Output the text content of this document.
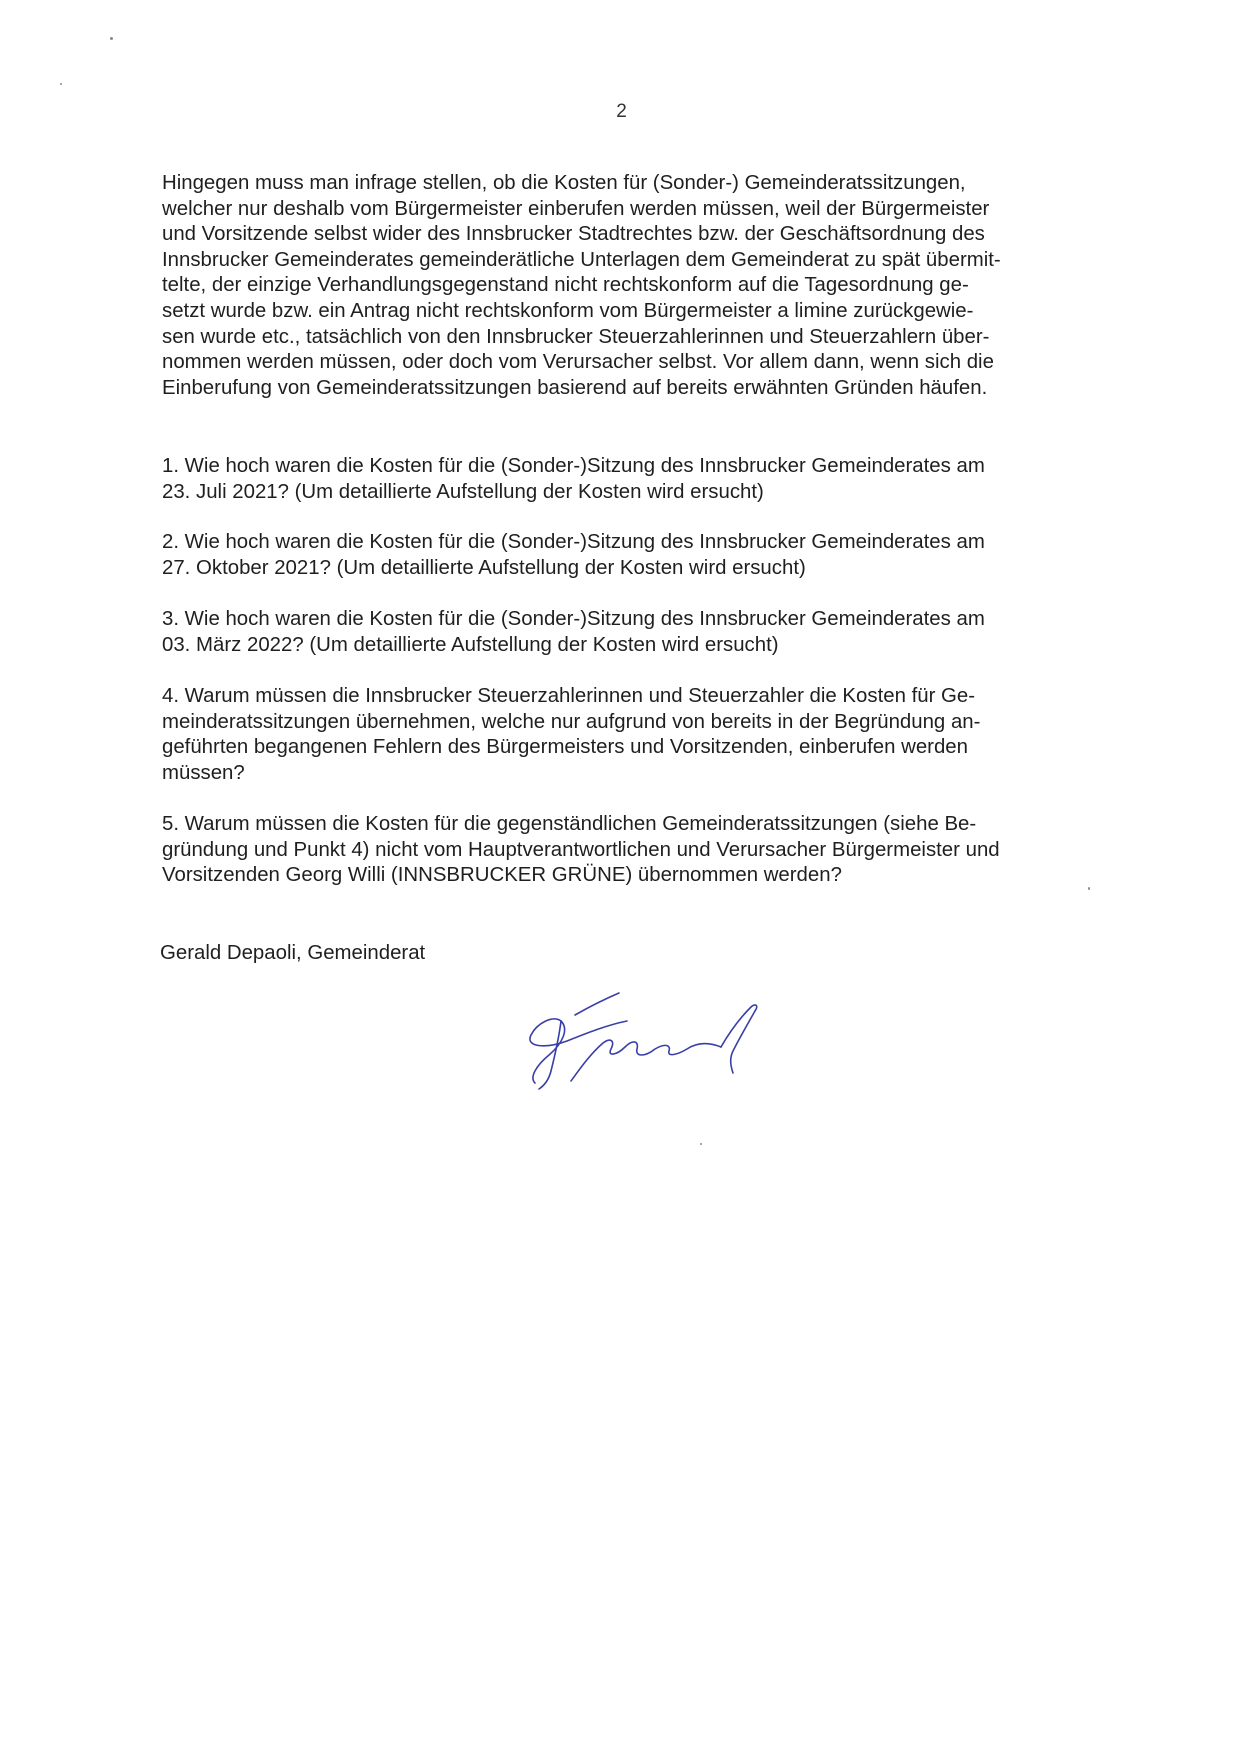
2
Hingegen muss man infrage stellen, ob die Kosten für (Sonder-) Gemeinderatssitzungen,
welcher nur deshalb vom Bürgermeister einberufen werden müssen, weil der Bürgermeister
und Vorsitzende selbst wider des Innsbrucker Stadtrechtes bzw. der Geschäftsordnung des
Innsbrucker Gemeinderates gemeinderätliche Unterlagen dem Gemeinderat zu spät übermit-
telte, der einzige Verhandlungsgegenstand nicht rechtskonform auf die Tagesordnung ge-
setzt wurde bzw. ein Antrag nicht rechtskonform vom Bürgermeister a limine zurückgewie-
sen wurde etc., tatsächlich von den Innsbrucker Steuerzahlerinnen und Steuerzahlern über-
nommen werden müssen, oder doch vom Verursacher selbst. Vor allem dann, wenn sich die
Einberufung von Gemeinderatssitzungen basierend auf bereits erwähnten Gründen häufen.
1. Wie hoch waren die Kosten für die (Sonder-)Sitzung des Innsbrucker Gemeinderates am
23. Juli 2021? (Um detaillierte Aufstellung der Kosten wird ersucht)
2. Wie hoch waren die Kosten für die (Sonder-)Sitzung des Innsbrucker Gemeinderates am
27. Oktober 2021? (Um detaillierte Aufstellung der Kosten wird ersucht)
3. Wie hoch waren die Kosten für die (Sonder-)Sitzung des Innsbrucker Gemeinderates am
03. März 2022? (Um detaillierte Aufstellung der Kosten wird ersucht)
4. Warum müssen die Innsbrucker Steuerzahlerinnen und Steuerzahler die Kosten für Ge-
meinderatssitzungen übernehmen, welche nur aufgrund von bereits in der Begründung an-
geführten begangenen Fehlern des Bürgermeisters und Vorsitzenden, einberufen werden
müssen?
5. Warum müssen die Kosten für die gegenständlichen Gemeinderatssitzungen (siehe Be-
gründung und Punkt 4) nicht vom Hauptverantwortlichen und Verursacher Bürgermeister und
Vorsitzenden Georg Willi (INNSBRUCKER GRÜNE) übernommen werden?
Gerald Depaoli, Gemeinderat
